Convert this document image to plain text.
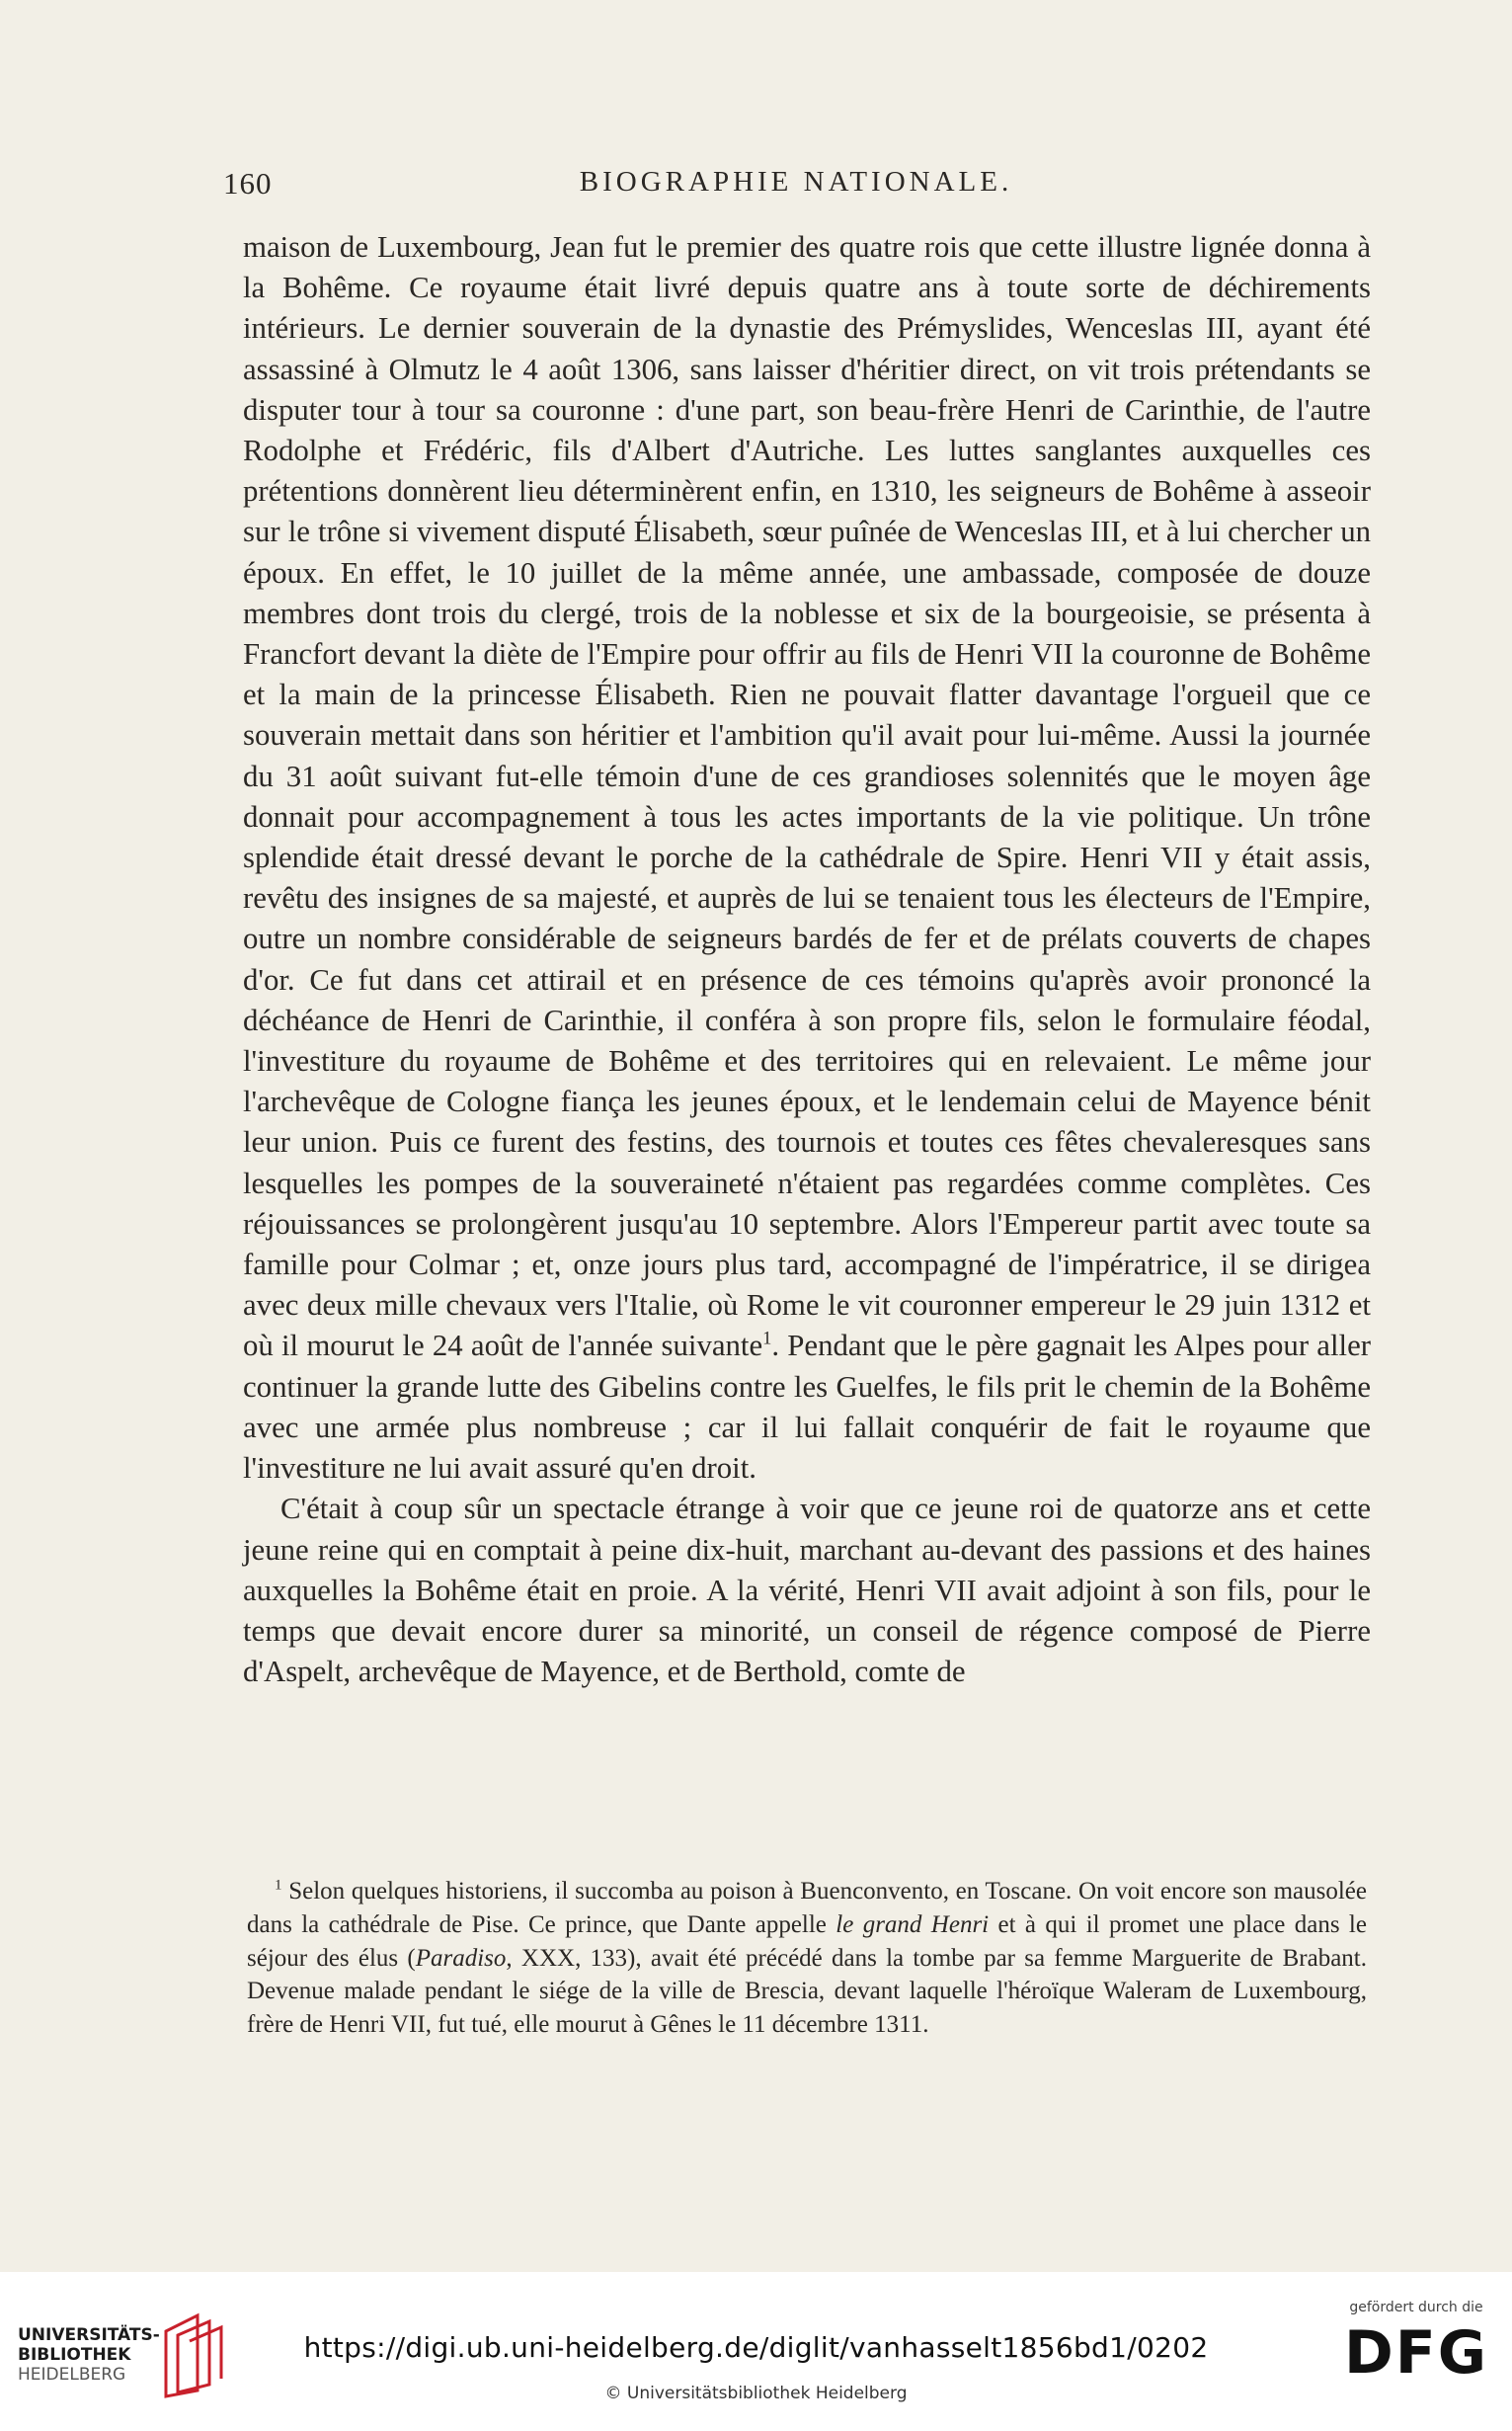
160	BIOGRAPHIE NATIONALE.

maison de Luxembourg, Jean fut le premier des quatre rois que cette illustre lignée donna à la Bohême. Ce royaume était livré depuis quatre ans à toute sorte de déchirements intérieurs. Le dernier souverain de la dynastie des Prémyslides, Wenceslas III, ayant été assassiné à Olmutz le 4 août 1306, sans laisser d'héritier direct, on vit trois prétendants se disputer tour à tour sa couronne : d'une part, son beau-frère Henri de Carinthie, de l'autre Rodolphe et Frédéric, fils d'Albert d'Autriche. Les luttes sanglantes auxquelles ces prétentions donnèrent lieu déterminèrent enfin, en 1310, les seigneurs de Bohême à asseoir sur le trône si vivement disputé Élisabeth, sœur puînée de Wenceslas III, et à lui chercher un époux. En effet, le 10 juillet de la même année, une ambassade, composée de douze membres dont trois du clergé, trois de la noblesse et six de la bourgeoisie, se présenta à Francfort devant la diète de l'Empire pour offrir au fils de Henri VII la couronne de Bohême et la main de la princesse Élisabeth. Rien ne pouvait flatter davantage l'orgueil que ce souverain mettait dans son héritier et l'ambition qu'il avait pour lui-même. Aussi la journée du 31 août suivant fut-elle témoin d'une de ces grandioses solennités que le moyen âge donnait pour accompagnement à tous les actes importants de la vie politique. Un trône splendide était dressé devant le porche de la cathédrale de Spire. Henri VII y était assis, revêtu des insignes de sa majesté, et auprès de lui se tenaient tous les électeurs de l'Empire, outre un nombre considérable de seigneurs bardés de fer et de prélats couverts de chapes d'or. Ce fut dans cet attirail et en présence de ces témoins qu'après avoir prononcé la déchéance de Henri de Carinthie, il conféra à son propre fils, selon le formulaire féodal, l'investiture du royaume de Bohême et des territoires qui en relevaient. Le même jour l'archevêque de Cologne fiança les jeunes époux, et le lendemain celui de Mayence bénit leur union. Puis ce furent des festins, des tournois et toutes ces fêtes chevaleresques sans lesquelles les pompes de la souveraineté n'étaient pas regardées comme complètes. Ces réjouissances se prolongèrent jusqu'au 10 septembre. Alors l'Empereur partit avec toute sa famille pour Colmar ; et, onze jours plus tard, accompagné de l'impératrice, il se dirigea avec deux mille chevaux vers l'Italie, où Rome le vit couronner empereur le 29 juin 1312 et où il mourut le 24 août de l'année suivante$^1$. Pendant que le père gagnait les Alpes pour aller continuer la grande lutte des Gibelins contre les Guelfes, le fils prit le chemin de la Bohême avec une armée plus nombreuse ; car il lui fallait conquérir de fait le royaume que l'investiture ne lui avait assuré qu'en droit.

C'était à coup sûr un spectacle étrange à voir que ce jeune roi de quatorze ans et cette jeune reine qui en comptait à peine dix-huit, marchant au-devant des passions et des haines auxquelles la Bohême était en proie. A la vérité, Henri VII avait adjoint à son fils, pour le temps que devait encore durer sa minorité, un conseil de régence composé de Pierre d'Aspelt, archevêque de Mayence, et de Berthold, comte de

$^1$ Selon quelques historiens, il succomba au poison à Buenconvento, en Toscane. On voit encore son mausolée dans la cathédrale de Pise. Ce prince, que Dante appelle le grand Henri et à qui il promet une place dans le séjour des élus (Paradiso, XXX, 133), avait été précédé dans la tombe par sa femme Marguerite de Brabant. Devenue malade pendant le siége de la ville de Brescia, devant laquelle l'héroïque Waleram de Luxembourg, frère de Henri VII, fut tué, elle mourut à Gênes le 11 décembre 1311.

UNIVERSITÄTS-
BIBLIOTHEK
HEIDELBERG
https://digi.ub.uni-heidelberg.de/diglit/vanhasselt1856bd1/0202
© Universitätsbibliothek Heidelberg
gefördert durch die
DFG
